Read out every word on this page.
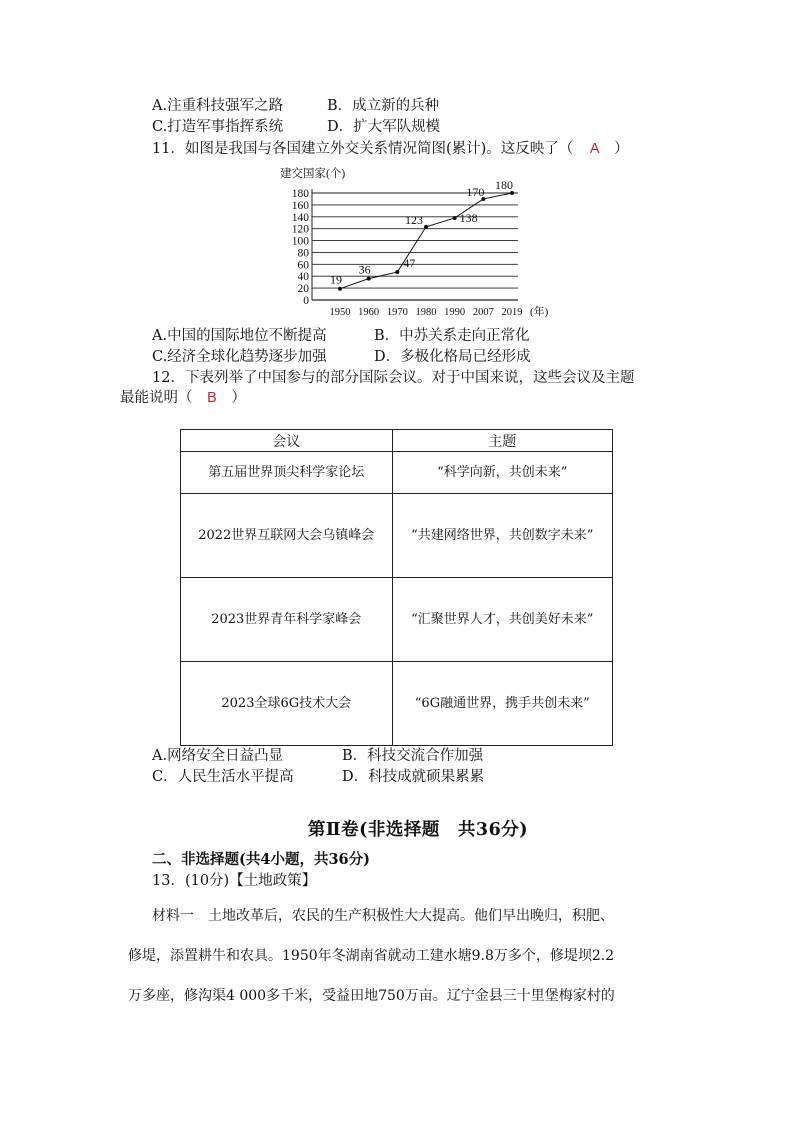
A.注重科技强军之路	B．成立新的兵种
C.打造军事指挥系统	D．扩大军队规模
11．如图是我国与各国建立外交关系情况简图(累计)。这反映了（ A ）
建交国家(个)
0
20
40
60
80
100
120
140
160
180
1950 1960 1970 1980 1990 2007 2019
19
36	47
123	138
170 180
(年)
A.中国的国际地位不断提高	B．中苏关系走向正常化
C.经济全球化趋势逐步加强	D．多极化格局已经形成
12．下表列举了中国参与的部分国际会议。对于中国来说，这些会议及主题
最能说明（ B ）
会议	主题
第五届世界顶尖科学家论坛	“科学向新，共创未来”
2022世界互联网大会乌镇峰会	“共建网络世界，共创数字未来”
2023世界青年科学家峰会	“汇聚世界人才，共创美好未来”
2023全球6G技术大会	“6G融通世界，携手共创未来”
A.网络安全日益凸显	B．科技交流合作加强
C．人民生活水平提高	D．科技成就硕果累累
第Ⅱ卷(非选择题　共36分)
二、非选择题(共4小题，共36分)
13．(10分)【土地政策】
材料一　土地改革后，农民的生产积极性大大提高。他们早出晚归，积肥、
修堤，添置耕牛和农具。1950年冬湖南省就动工建水塘9.8万多个，修堤坝2.2
万多座，修沟渠4 000多千米，受益田地750万亩。辽宁金县三十里堡梅家村的
